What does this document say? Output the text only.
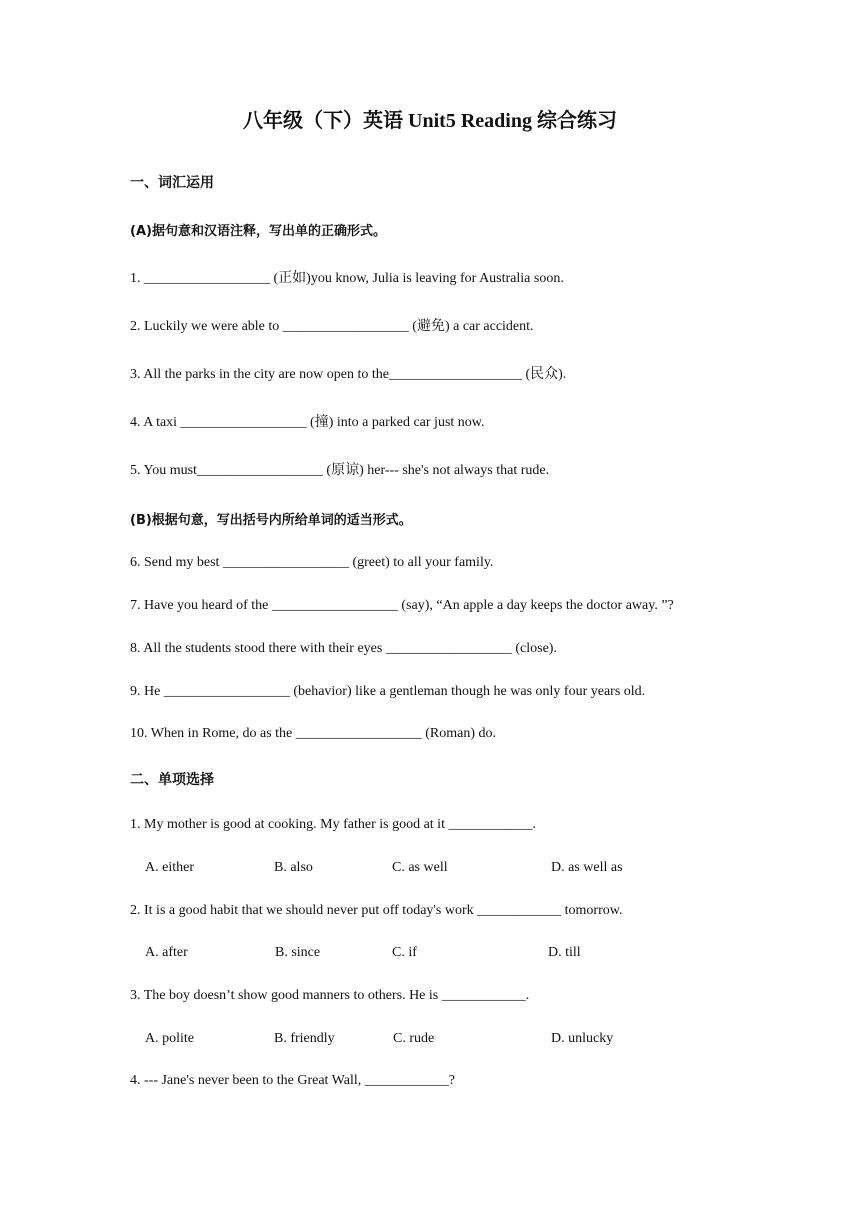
八年级（下）英语 Unit5 Reading 综合练习
一、词汇运用
(A)据句意和汉语注释，写出单的正确形式。
1. __________________ (正如)you know, Julia is leaving for Australia soon.
2. Luckily we were able to __________________ (避免) a car accident.
3. All the parks in the city are now open to the___________________ (民众).
4. A taxi __________________ (撞) into a parked car just now.
5. You must__________________ (原谅) her--- she's not always that rude.
(B)根据句意，写出括号内所给单词的适当形式。
6. Send my best __________________ (greet) to all your family.
7. Have you heard of the __________________ (say), “An apple a day keeps the doctor away. ”?
8. All the students stood there with their eyes __________________ (close).
9. He __________________ (behavior) like a gentleman though he was only four years old.
10. When in Rome, do as the __________________ (Roman) do.
二、单项选择
1. My mother is good at cooking. My father is good at it ____________.
A. either	B. also	C. as well	D. as well as
2. It is a good habit that we should never put off today's work ____________ tomorrow.
A. after	B. since	C. if	D. till
3. The boy doesn’t show good manners to others. He is ____________.
A. polite	B. friendly	C. rude	D. unlucky
4. --- Jane's never been to the Great Wall, ____________?
